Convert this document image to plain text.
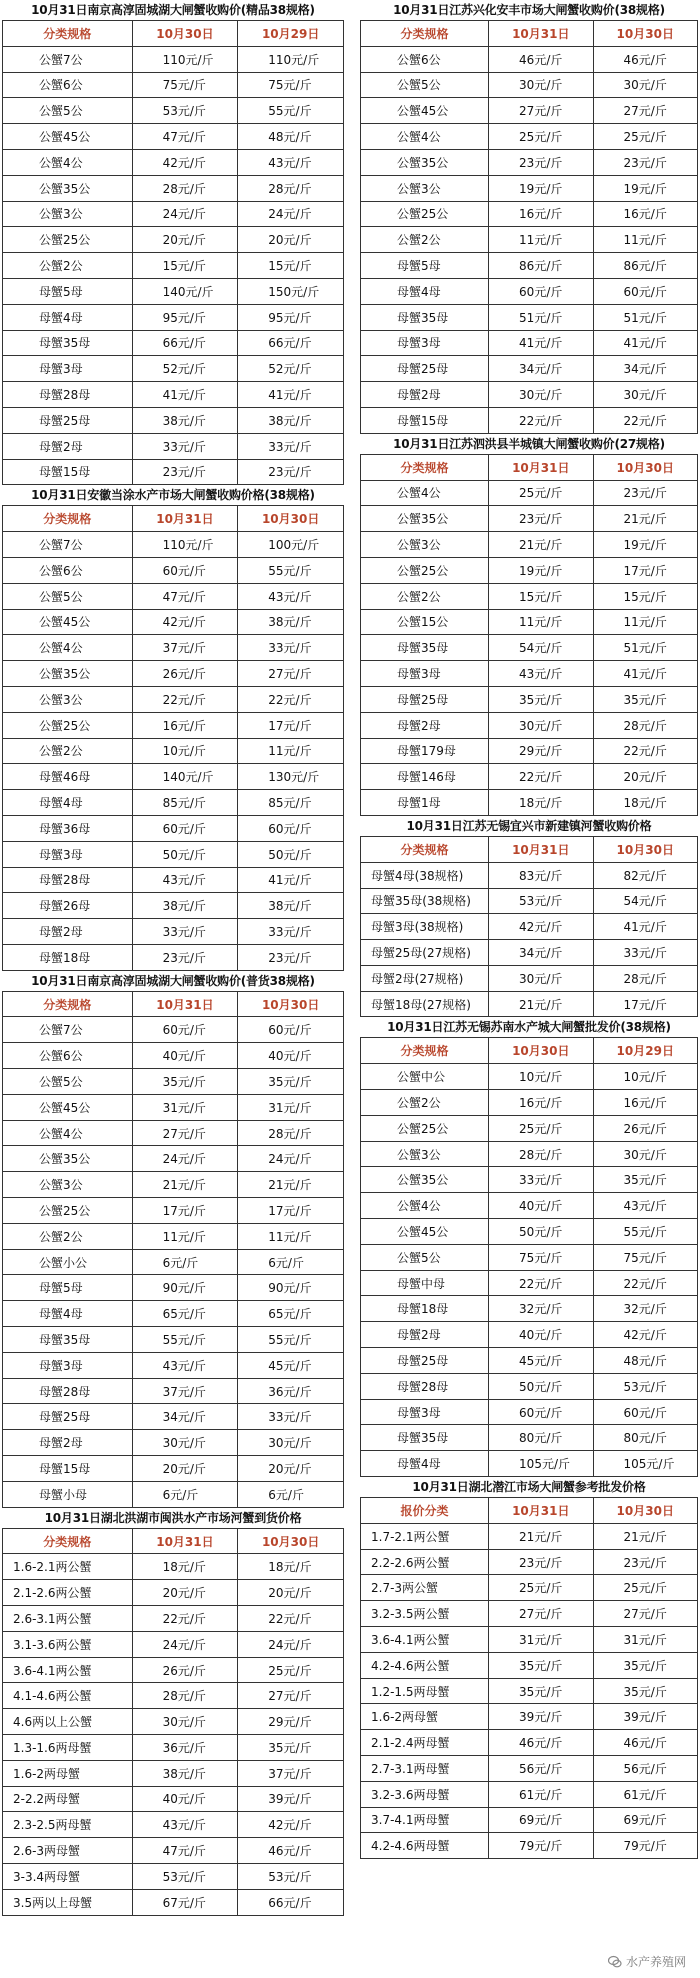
10月31日南京高淳固城湖大闸蟹收购价(精品38规格)
分类规格	10月30日	10月29日
公蟹7公	110元/斤	110元/斤
公蟹6公	75元/斤	75元/斤
公蟹5公	53元/斤	55元/斤
公蟹45公	47元/斤	48元/斤
公蟹4公	42元/斤	43元/斤
公蟹35公	28元/斤	28元/斤
公蟹3公	24元/斤	24元/斤
公蟹25公	20元/斤	20元/斤
公蟹2公	15元/斤	15元/斤
母蟹5母	140元/斤	150元/斤
母蟹4母	95元/斤	95元/斤
母蟹35母	66元/斤	66元/斤
母蟹3母	52元/斤	52元/斤
母蟹28母	41元/斤	41元/斤
母蟹25母	38元/斤	38元/斤
母蟹2母	33元/斤	33元/斤
母蟹15母	23元/斤	23元/斤
10月31日安徽当涂水产市场大闸蟹收购价格(38规格)
分类规格	10月31日	10月30日
公蟹7公	110元/斤	100元/斤
公蟹6公	60元/斤	55元/斤
公蟹5公	47元/斤	43元/斤
公蟹45公	42元/斤	38元/斤
公蟹4公	37元/斤	33元/斤
公蟹35公	26元/斤	27元/斤
公蟹3公	22元/斤	22元/斤
公蟹25公	16元/斤	17元/斤
公蟹2公	10元/斤	11元/斤
母蟹46母	140元/斤	130元/斤
母蟹4母	85元/斤	85元/斤
母蟹36母	60元/斤	60元/斤
母蟹3母	50元/斤	50元/斤
母蟹28母	43元/斤	41元/斤
母蟹26母	38元/斤	38元/斤
母蟹2母	33元/斤	33元/斤
母蟹18母	23元/斤	23元/斤
10月31日南京高淳固城湖大闸蟹收购价(普货38规格)
分类规格	10月31日	10月30日
公蟹7公	60元/斤	60元/斤
公蟹6公	40元/斤	40元/斤
公蟹5公	35元/斤	35元/斤
公蟹45公	31元/斤	31元/斤
公蟹4公	27元/斤	28元/斤
公蟹35公	24元/斤	24元/斤
公蟹3公	21元/斤	21元/斤
公蟹25公	17元/斤	17元/斤
公蟹2公	11元/斤	11元/斤
公蟹小公	6元/斤	6元/斤
母蟹5母	90元/斤	90元/斤
母蟹4母	65元/斤	65元/斤
母蟹35母	55元/斤	55元/斤
母蟹3母	43元/斤	45元/斤
母蟹28母	37元/斤	36元/斤
母蟹25母	34元/斤	33元/斤
母蟹2母	30元/斤	30元/斤
母蟹15母	20元/斤	20元/斤
母蟹小母	6元/斤	6元/斤
10月31日湖北洪湖市闽洪水产市场河蟹到货价格
分类规格	10月31日	10月30日
1.6-2.1两公蟹	18元/斤	18元/斤
2.1-2.6两公蟹	20元/斤	20元/斤
2.6-3.1两公蟹	22元/斤	22元/斤
3.1-3.6两公蟹	24元/斤	24元/斤
3.6-4.1两公蟹	26元/斤	25元/斤
4.1-4.6两公蟹	28元/斤	27元/斤
4.6两以上公蟹	30元/斤	29元/斤
1.3-1.6两母蟹	36元/斤	35元/斤
1.6-2两母蟹	38元/斤	37元/斤
2-2.2两母蟹	40元/斤	39元/斤
2.3-2.5两母蟹	43元/斤	42元/斤
2.6-3两母蟹	47元/斤	46元/斤
3-3.4两母蟹	53元/斤	53元/斤
3.5两以上母蟹	67元/斤	66元/斤
10月31日江苏兴化安丰市场大闸蟹收购价(38规格)
分类规格	10月31日	10月30日
公蟹6公	46元/斤	46元/斤
公蟹5公	30元/斤	30元/斤
公蟹45公	27元/斤	27元/斤
公蟹4公	25元/斤	25元/斤
公蟹35公	23元/斤	23元/斤
公蟹3公	19元/斤	19元/斤
公蟹25公	16元/斤	16元/斤
公蟹2公	11元/斤	11元/斤
母蟹5母	86元/斤	86元/斤
母蟹4母	60元/斤	60元/斤
母蟹35母	51元/斤	51元/斤
母蟹3母	41元/斤	41元/斤
母蟹25母	34元/斤	34元/斤
母蟹2母	30元/斤	30元/斤
母蟹15母	22元/斤	22元/斤
10月31日江苏泗洪县半城镇大闸蟹收购价(27规格)
分类规格	10月31日	10月30日
公蟹4公	25元/斤	23元/斤
公蟹35公	23元/斤	21元/斤
公蟹3公	21元/斤	19元/斤
公蟹25公	19元/斤	17元/斤
公蟹2公	15元/斤	15元/斤
公蟹15公	11元/斤	11元/斤
母蟹35母	54元/斤	51元/斤
母蟹3母	43元/斤	41元/斤
母蟹25母	35元/斤	35元/斤
母蟹2母	30元/斤	28元/斤
母蟹179母	29元/斤	22元/斤
母蟹146母	22元/斤	20元/斤
母蟹1母	18元/斤	18元/斤
10月31日江苏无锡宜兴市新建镇河蟹收购价格
分类规格	10月31日	10月30日
母蟹4母(38规格)	83元/斤	82元/斤
母蟹35母(38规格)	53元/斤	54元/斤
母蟹3母(38规格)	42元/斤	41元/斤
母蟹25母(27规格)	34元/斤	33元/斤
母蟹2母(27规格)	30元/斤	28元/斤
母蟹18母(27规格)	21元/斤	17元/斤
10月31日江苏无锡苏南水产城大闸蟹批发价(38规格)
分类规格	10月30日	10月29日
公蟹中公	10元/斤	10元/斤
公蟹2公	16元/斤	16元/斤
公蟹25公	25元/斤	26元/斤
公蟹3公	28元/斤	30元/斤
公蟹35公	33元/斤	35元/斤
公蟹4公	40元/斤	43元/斤
公蟹45公	50元/斤	55元/斤
公蟹5公	75元/斤	75元/斤
母蟹中母	22元/斤	22元/斤
母蟹18母	32元/斤	32元/斤
母蟹2母	40元/斤	42元/斤
母蟹25母	45元/斤	48元/斤
母蟹28母	50元/斤	53元/斤
母蟹3母	60元/斤	60元/斤
母蟹35母	80元/斤	80元/斤
母蟹4母	105元/斤	105元/斤
10月31日湖北潜江市场大闸蟹参考批发价格
报价分类	10月31日	10月30日
1.7-2.1两公蟹	21元/斤	21元/斤
2.2-2.6两公蟹	23元/斤	23元/斤
2.7-3两公蟹	25元/斤	25元/斤
3.2-3.5两公蟹	27元/斤	27元/斤
3.6-4.1两公蟹	31元/斤	31元/斤
4.2-4.6两公蟹	35元/斤	35元/斤
1.2-1.5两母蟹	35元/斤	35元/斤
1.6-2两母蟹	39元/斤	39元/斤
2.1-2.4两母蟹	46元/斤	46元/斤
2.7-3.1两母蟹	56元/斤	56元/斤
3.2-3.6两母蟹	61元/斤	61元/斤
3.7-4.1两母蟹	69元/斤	69元/斤
4.2-4.6两母蟹	79元/斤	79元/斤
水产养殖网
